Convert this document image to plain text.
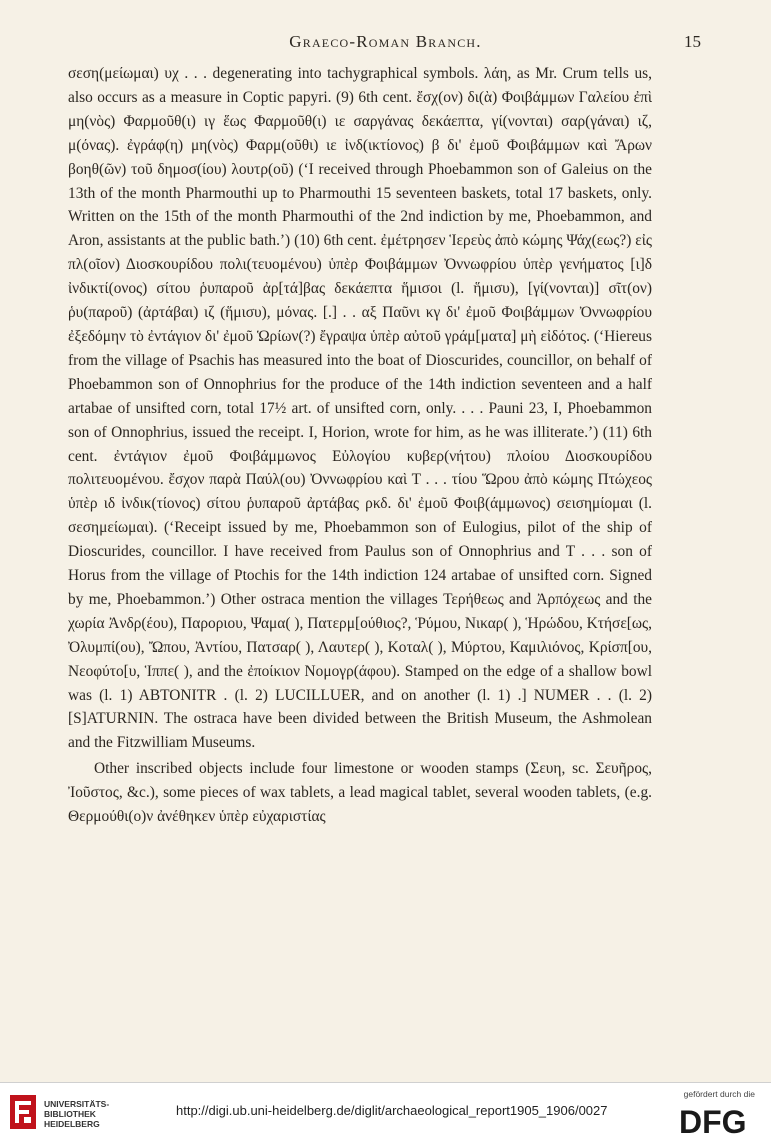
Graeco-Roman Branch.	15

σεση(μείωμαι) υχ . . . degenerating into tachygraphical symbols. λάη, as Mr. Crum tells us, also occurs as a measure in Coptic papyri. (9) 6th cent. ἔσχ(ον) δι(ὰ) Φοιβάμμων Γαλείου ἐπὶ μη(νὸς) Φαρμοῦθ(ι) ιγ ἕως Φαρμοῦθ(ι) ιε σαργάνας δεκάεπτα, γί(νονται) σαρ(γάναι) ιζ, μ(όνας). ἐγράφ(η) μη(νὸς) Φαρμ(οῦθι) ιε ἰνδ(ικτίονος) β δι' ἐμοῦ Φοιβάμμων καὶ Ἄρων βοηθ(ῶν) τοῦ δημοσ(ίου) λουτρ(οῦ) (‘I received through Phoebammon son of Galeius on the 13th of the month Pharmouthi up to Pharmouthi 15 seventeen baskets, total 17 baskets, only. Written on the 15th of the month Pharmouthi of the 2nd indiction by me, Phoebammon, and Aron, assistants at the public bath.’) (10) 6th cent. ἐμέτρησεν Ἱερεὺς ἀπὸ κώμης Ψάχ(εως?) εἰς πλ(οῖον) Διοσκουρίδου πολι(τευομένου) ὑπὲρ Φοιβάμμων Ὀννωφρίου ὑπὲρ γενήματος [ι]δ ἰνδικτί(ονος) σίτου ῥυπαροῦ ἀρ[τά]βας δεκάεπτα ἥμισοι (l. ἥμισυ), [γί(νονται)] σῖτ(ον) ῥυ(παροῦ) (ἀρτάβαι) ιζ (ἥμισυ), μόνας. [.] . . αξ Παῦνι κγ δι' ἐμοῦ Φοιβάμμων Ὀννωφρίου ἐξεδόμην τὸ ἐντάγιον δι' ἐμοῦ Ὡρίων(?) ἔγραψα ὑπὲρ αὐτοῦ γράμ[ματα] μὴ εἰδότος. (‘Hiereus from the village of Psachis has measured into the boat of Dioscurides, councillor, on behalf of Phoebammon son of Onnophrius for the produce of the 14th indiction seventeen and a half artabae of unsifted corn, total 17½ art. of unsifted corn, only. . . . Pauni 23, I, Phoebammon son of Onnophrius, issued the receipt. I, Horion, wrote for him, as he was illiterate.’) (11) 6th cent. ἐντάγιον ἐμοῦ Φοιβάμμωνος Εὐλογίου κυβερ(νήτου) πλοίου Διοσκουρίδου πολιτευομένου. ἔσχον παρὰ Παύλ(ου) Ὀννωφρίου καὶ Τ . . . τίου Ὥρου ἀπὸ κώμης Πτώχεος ὑπὲρ ιδ ἰνδικ(τίονος) σίτου ῥυπαροῦ ἀρτάβας ρκδ. δι' ἐμοῦ Φοιβ(άμμωνος) σεισημίομαι (l. σεσημείωμαι). (‘Receipt issued by me, Phoebammon son of Eulogius, pilot of the ship of Dioscurides, councillor. I have received from Paulus son of Onnophrius and T . . . son of Horus from the village of Ptochis for the 14th indiction 124 artabae of unsifted corn. Signed by me, Phoebammon.’) Other ostraca mention the villages Τερήθεως and Ἀρπόχεως and the χωρία Ἀνδρ(έου), Παροριου, Ψαμα( ), Πατερμ[ούθιος?, Ῥύμου, Νικαρ( ), Ἡρώδου, Κτήσε[ως, Ὀλυμπί(ου), Ὤπου, Ἀντίου, Πατσαρ( ), Λαυτερ( ), Κοταλ( ), Μύρτου, Καμιλιόνος, Κρίσπ[ου, Νεοφύτο[υ, Ἱππε( ), and the ἐποίκιον Νομογρ(άφου). Stamped on the edge of a shallow bowl was (l. 1) ABTONITR . (l. 2) LUCILLUER, and on another (l. 1) .] NUMER . . (l. 2) [S]ATURNIN. The ostraca have been divided between the British Museum, the Ashmolean and the Fitzwilliam Museums.

Other inscribed objects include four limestone or wooden stamps (Σευη, sc. Σευῆρος, Ἰοῦστος, &c.), some pieces of wax tablets, a lead magical tablet, several wooden tablets, (e.g. Θερμούθι(ο)ν ἀνέθηκεν ὑπὲρ εὐχαριστίας

UNIVERSITÄTS-
BIBLIOTHEK
HEIDELBERG
http://digi.ub.uni-heidelberg.de/diglit/archaeological_report1905_1906/0027
gefördert durch die
DFG
